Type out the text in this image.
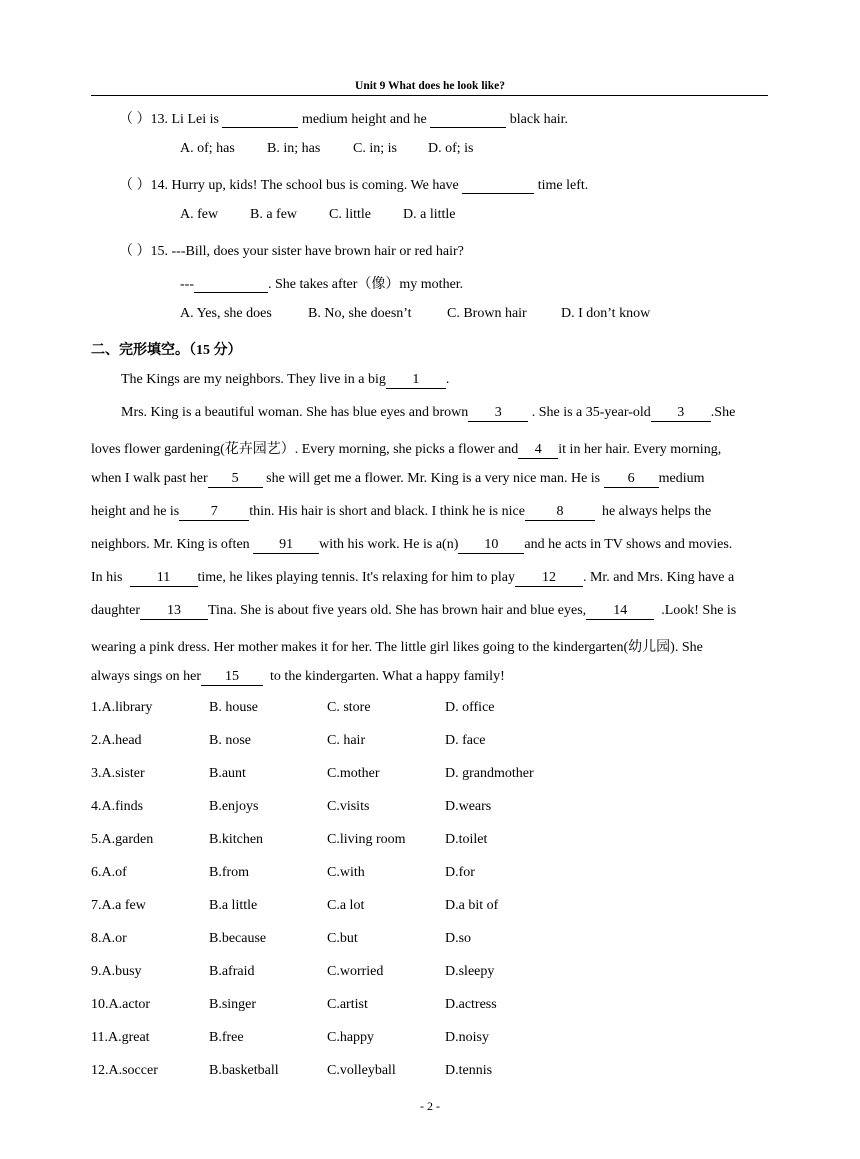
Unit 9 What does he look like?
（ ）13. Li Lei is	medium height and he	black hair.
A. of; has B. in; has C. in; is D. of; is
（ ）14. Hurry up, kids! The school bus is coming. We have	time left.
A. few B. a few C. little D. a little
（ ）15. ---Bill, does your sister have brown hair or red hair?
---	. She takes after（像）my mother.
A. Yes, she does	B. No, she doesn’t	C. Brown hair D. I don’t know
二、完形填空。（15 分）
The Kings are my neighbors. They live in a big 1 .
Mrs. King is a beautiful woman. She has blue eyes and brown 3 . She is a 35-year-old 3 .She
loves flower gardening(花卉园艺）. Every morning, she picks a flower and 4 it in her hair. Every morning,
when I walk past her 5 she will get me a flower. Mr. King is a very nice man. He is 6 medium
height and he is 7 thin. His hair is short and black. I think he is nice 8	he always helps the
neighbors. Mr. King is often 91 with his work. He is a(n) 10 and he acts in TV shows and movies.
In his 11 time, he likes playing tennis. It's relaxing for him to play 12 . Mr. and Mrs. King have a
daughter 13 Tina. She is about five years old. She has brown hair and blue eyes, 14 .Look! She is
wearing a pink dress. Her mother makes it for her. The little girl likes going to the kindergarten(幼儿园). She
always sings on her 15 to the kindergarten. What a happy family!
1.A.library	B. house	C. store	D. office
2.A.head	B. nose	C. hair	D. face
3.A.sister	B.aunt	C.mother	D. grandmother
4.A.finds	B.enjoys	C.visits	D.wears
5.A.garden	B.kitchen	C.living room	D.toilet
6.A.of	B.from	C.with	D.for
7.A.a few	B.a little	C.a lot	D.a bit of
8.A.or	B.because	C.but	D.so
9.A.busy	B.afraid	C.worried	D.sleepy
10.A.actor	B.singer	C.artist	D.actress
11.A.great	B.free	C.happy	D.noisy
12.A.soccer	B.basketball	C.volleyball	D.tennis
- 2 -
